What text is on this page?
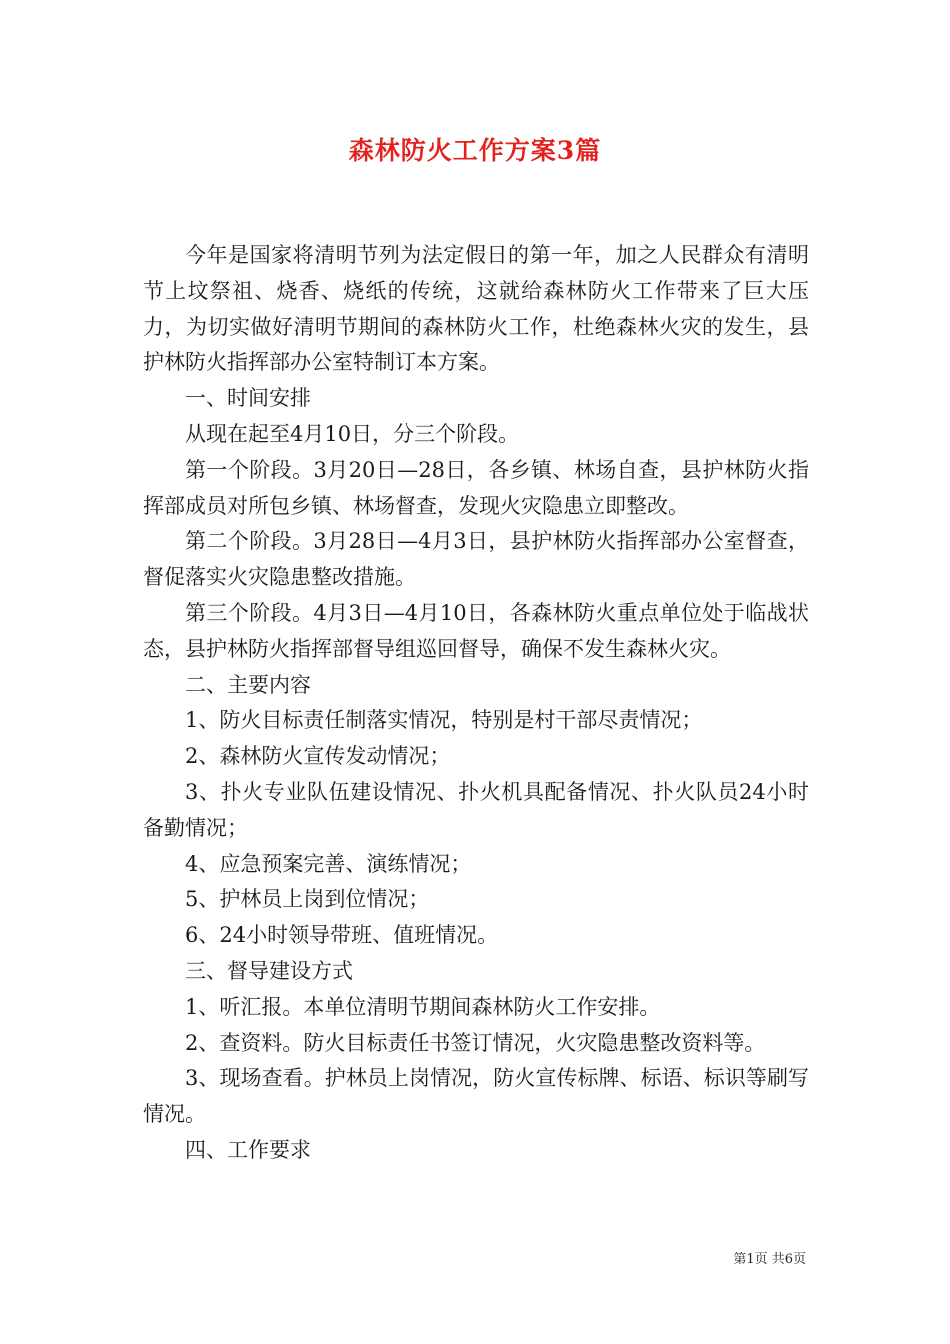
森林防火工作方案3篇

今年是国家将清明节列为法定假日的第一年，加之人民群众有清明节上坟祭祖、烧香、烧纸的传统，这就给森林防火工作带来了巨大压力，为切实做好清明节期间的森林防火工作，杜绝森林火灾的发生，县护林防火指挥部办公室特制订本方案。

一、时间安排

从现在起至4月10日，分三个阶段。

第一个阶段。3月20日—28日，各乡镇、林场自查，县护林防火指挥部成员对所包乡镇、林场督查，发现火灾隐患立即整改。

第二个阶段。3月28日—4月3日，县护林防火指挥部办公室督查，督促落实火灾隐患整改措施。

第三个阶段。4月3日—4月10日，各森林防火重点单位处于临战状态，县护林防火指挥部督导组巡回督导，确保不发生森林火灾。

二、主要内容

1、防火目标责任制落实情况，特别是村干部尽责情况；

2、森林防火宣传发动情况；

3、扑火专业队伍建设情况、扑火机具配备情况、扑火队员24小时备勤情况；

4、应急预案完善、演练情况；

5、护林员上岗到位情况；

6、24小时领导带班、值班情况。

三、督导建设方式

1、听汇报。本单位清明节期间森林防火工作安排。

2、查资料。防火目标责任书签订情况，火灾隐患整改资料等。

3、现场查看。护林员上岗情况，防火宣传标牌、标语、标识等刷写情况。

四、工作要求

第1页 共6页
